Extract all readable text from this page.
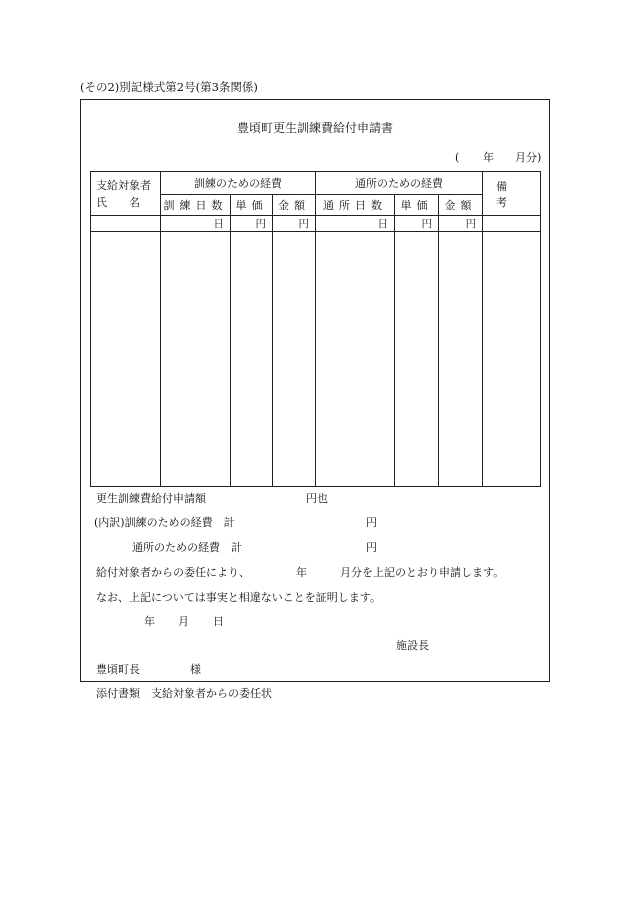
(その2)別記様式第2号(第3条関係)
豊頃町更生訓練費給付申請書
( 年 月分)
支給対象者
氏　　名	訓練のための経費			通所のための経費			備　考
	訓練日数	単価	金額	通所日数	単価	金額	
	日	円	円	日	円	円	

更生訓練費給付申請額	円也
(内訳)訓練のための経費　計	円
通所のための経費　計	円
給付対象者からの委任により、	年	月分を上記のとおり申請します。
なお、上記については事実と相違ないことを証明します。
年 月 日
施設長
豊頃町長	様
添付書類　支給対象者からの委任状
